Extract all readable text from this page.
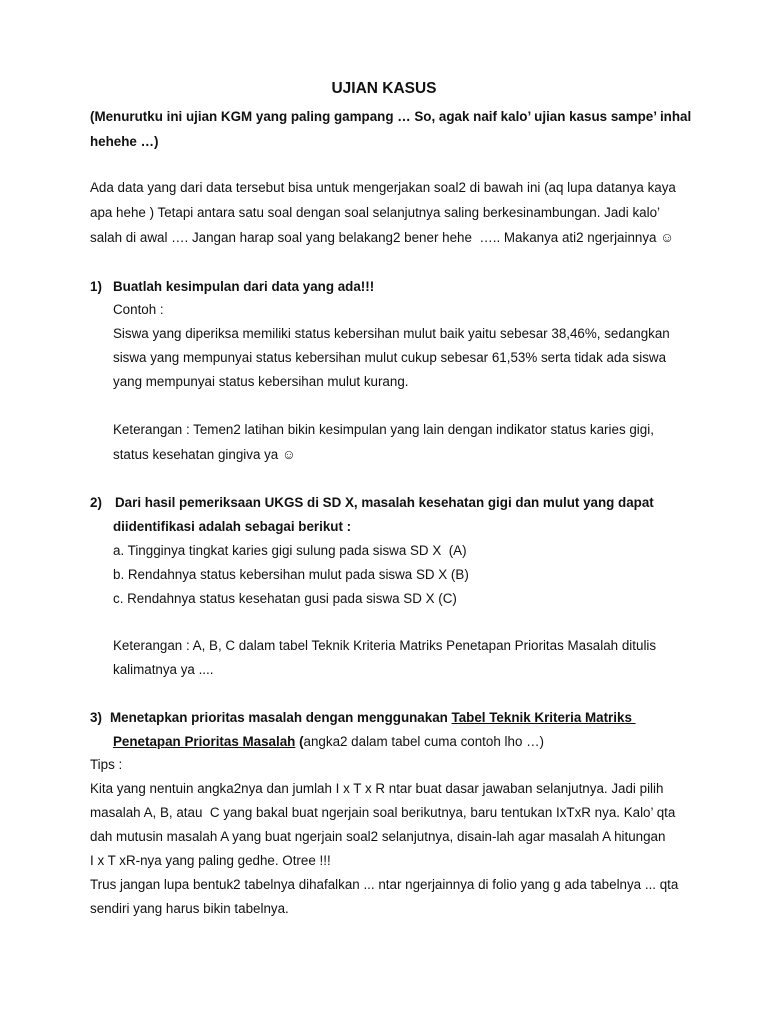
UJIAN KASUS
(Menurutku ini ujian KGM yang paling gampang … So, agak naif kalo’ ujian kasus sampe’ inhal
hehehe …)
Ada data yang dari data tersebut bisa untuk mengerjakan soal2 di bawah ini (aq lupa datanya kaya
apa hehe ) Tetapi antara satu soal dengan soal selanjutnya saling berkesinambungan. Jadi kalo’
salah di awal …. Jangan harap soal yang belakang2 bener hehe  ….. Makanya ati2 ngerjainnya ☺
1) Buatlah kesimpulan dari data yang ada!!!
Contoh :
Siswa yang diperiksa memiliki status kebersihan mulut baik yaitu sebesar 38,46%, sedangkan
siswa yang mempunyai status kebersihan mulut cukup sebesar 61,53% serta tidak ada siswa
yang mempunyai status kebersihan mulut kurang.
Keterangan : Temen2 latihan bikin kesimpulan yang lain dengan indikator status karies gigi,
status kesehatan gingiva ya ☺
2) Dari hasil pemeriksaan UKGS di SD X, masalah kesehatan gigi dan mulut yang dapat
diidentifikasi adalah sebagai berikut :
a. Tingginya tingkat karies gigi sulung pada siswa SD X  (A)
b. Rendahnya status kebersihan mulut pada siswa SD X (B)
c. Rendahnya status kesehatan gusi pada siswa SD X (C)
Keterangan : A, B, C dalam tabel Teknik Kriteria Matriks Penetapan Prioritas Masalah ditulis
kalimatnya ya ....
3) Menetapkan prioritas masalah dengan menggunakan Tabel Teknik Kriteria Matriks
Penetapan Prioritas Masalah (angka2 dalam tabel cuma contoh lho …)
Tips :
Kita yang nentuin angka2nya dan jumlah I x T x R ntar buat dasar jawaban selanjutnya. Jadi pilih
masalah A, B, atau  C yang bakal buat ngerjain soal berikutnya, baru tentukan IxTxR nya. Kalo’ qta
dah mutusin masalah A yang buat ngerjain soal2 selanjutnya, disain-lah agar masalah A hitungan
I x T xR-nya yang paling gedhe. Otree !!!
Trus jangan lupa bentuk2 tabelnya dihafalkan ... ntar ngerjainnya di folio yang g ada tabelnya ... qta
sendiri yang harus bikin tabelnya.
